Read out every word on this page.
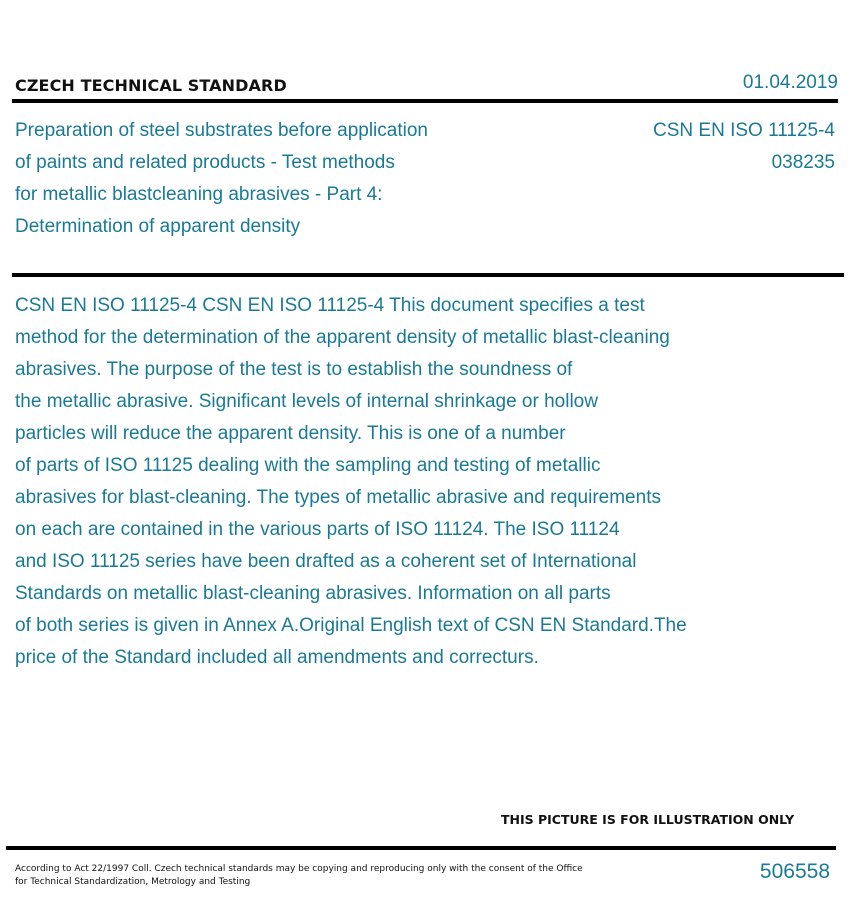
CZECH TECHNICAL STANDARD	01.04.2019
Preparation of steel substrates before application
of paints and related products - Test methods
for metallic blastcleaning abrasives - Part 4:
Determination of apparent density
CSN EN ISO 11125-4
038235
CSN EN ISO 11125-4 CSN EN ISO 11125-4 This document specifies a test
method for the determination of the apparent density of metallic blast-cleaning
abrasives. The purpose of the test is to establish the soundness of
the metallic abrasive. Significant levels of internal shrinkage or hollow
particles will reduce the apparent density. This is one of a number
of parts of ISO 11125 dealing with the sampling and testing of metallic
abrasives for blast-cleaning. The types of metallic abrasive and requirements
on each are contained in the various parts of ISO 11124. The ISO 11124
and ISO 11125 series have been drafted as a coherent set of International
Standards on metallic blast-cleaning abrasives. Information on all parts
of both series is given in Annex A.Original English text of CSN EN Standard.The
price of the Standard included all amendments and correcturs.
THIS PICTURE IS FOR ILLUSTRATION ONLY
According to Act 22/1997 Coll. Czech technical standards may be copying and reproducing only with the consent of the Office
for Technical Standardization, Metrology and Testing	506558
